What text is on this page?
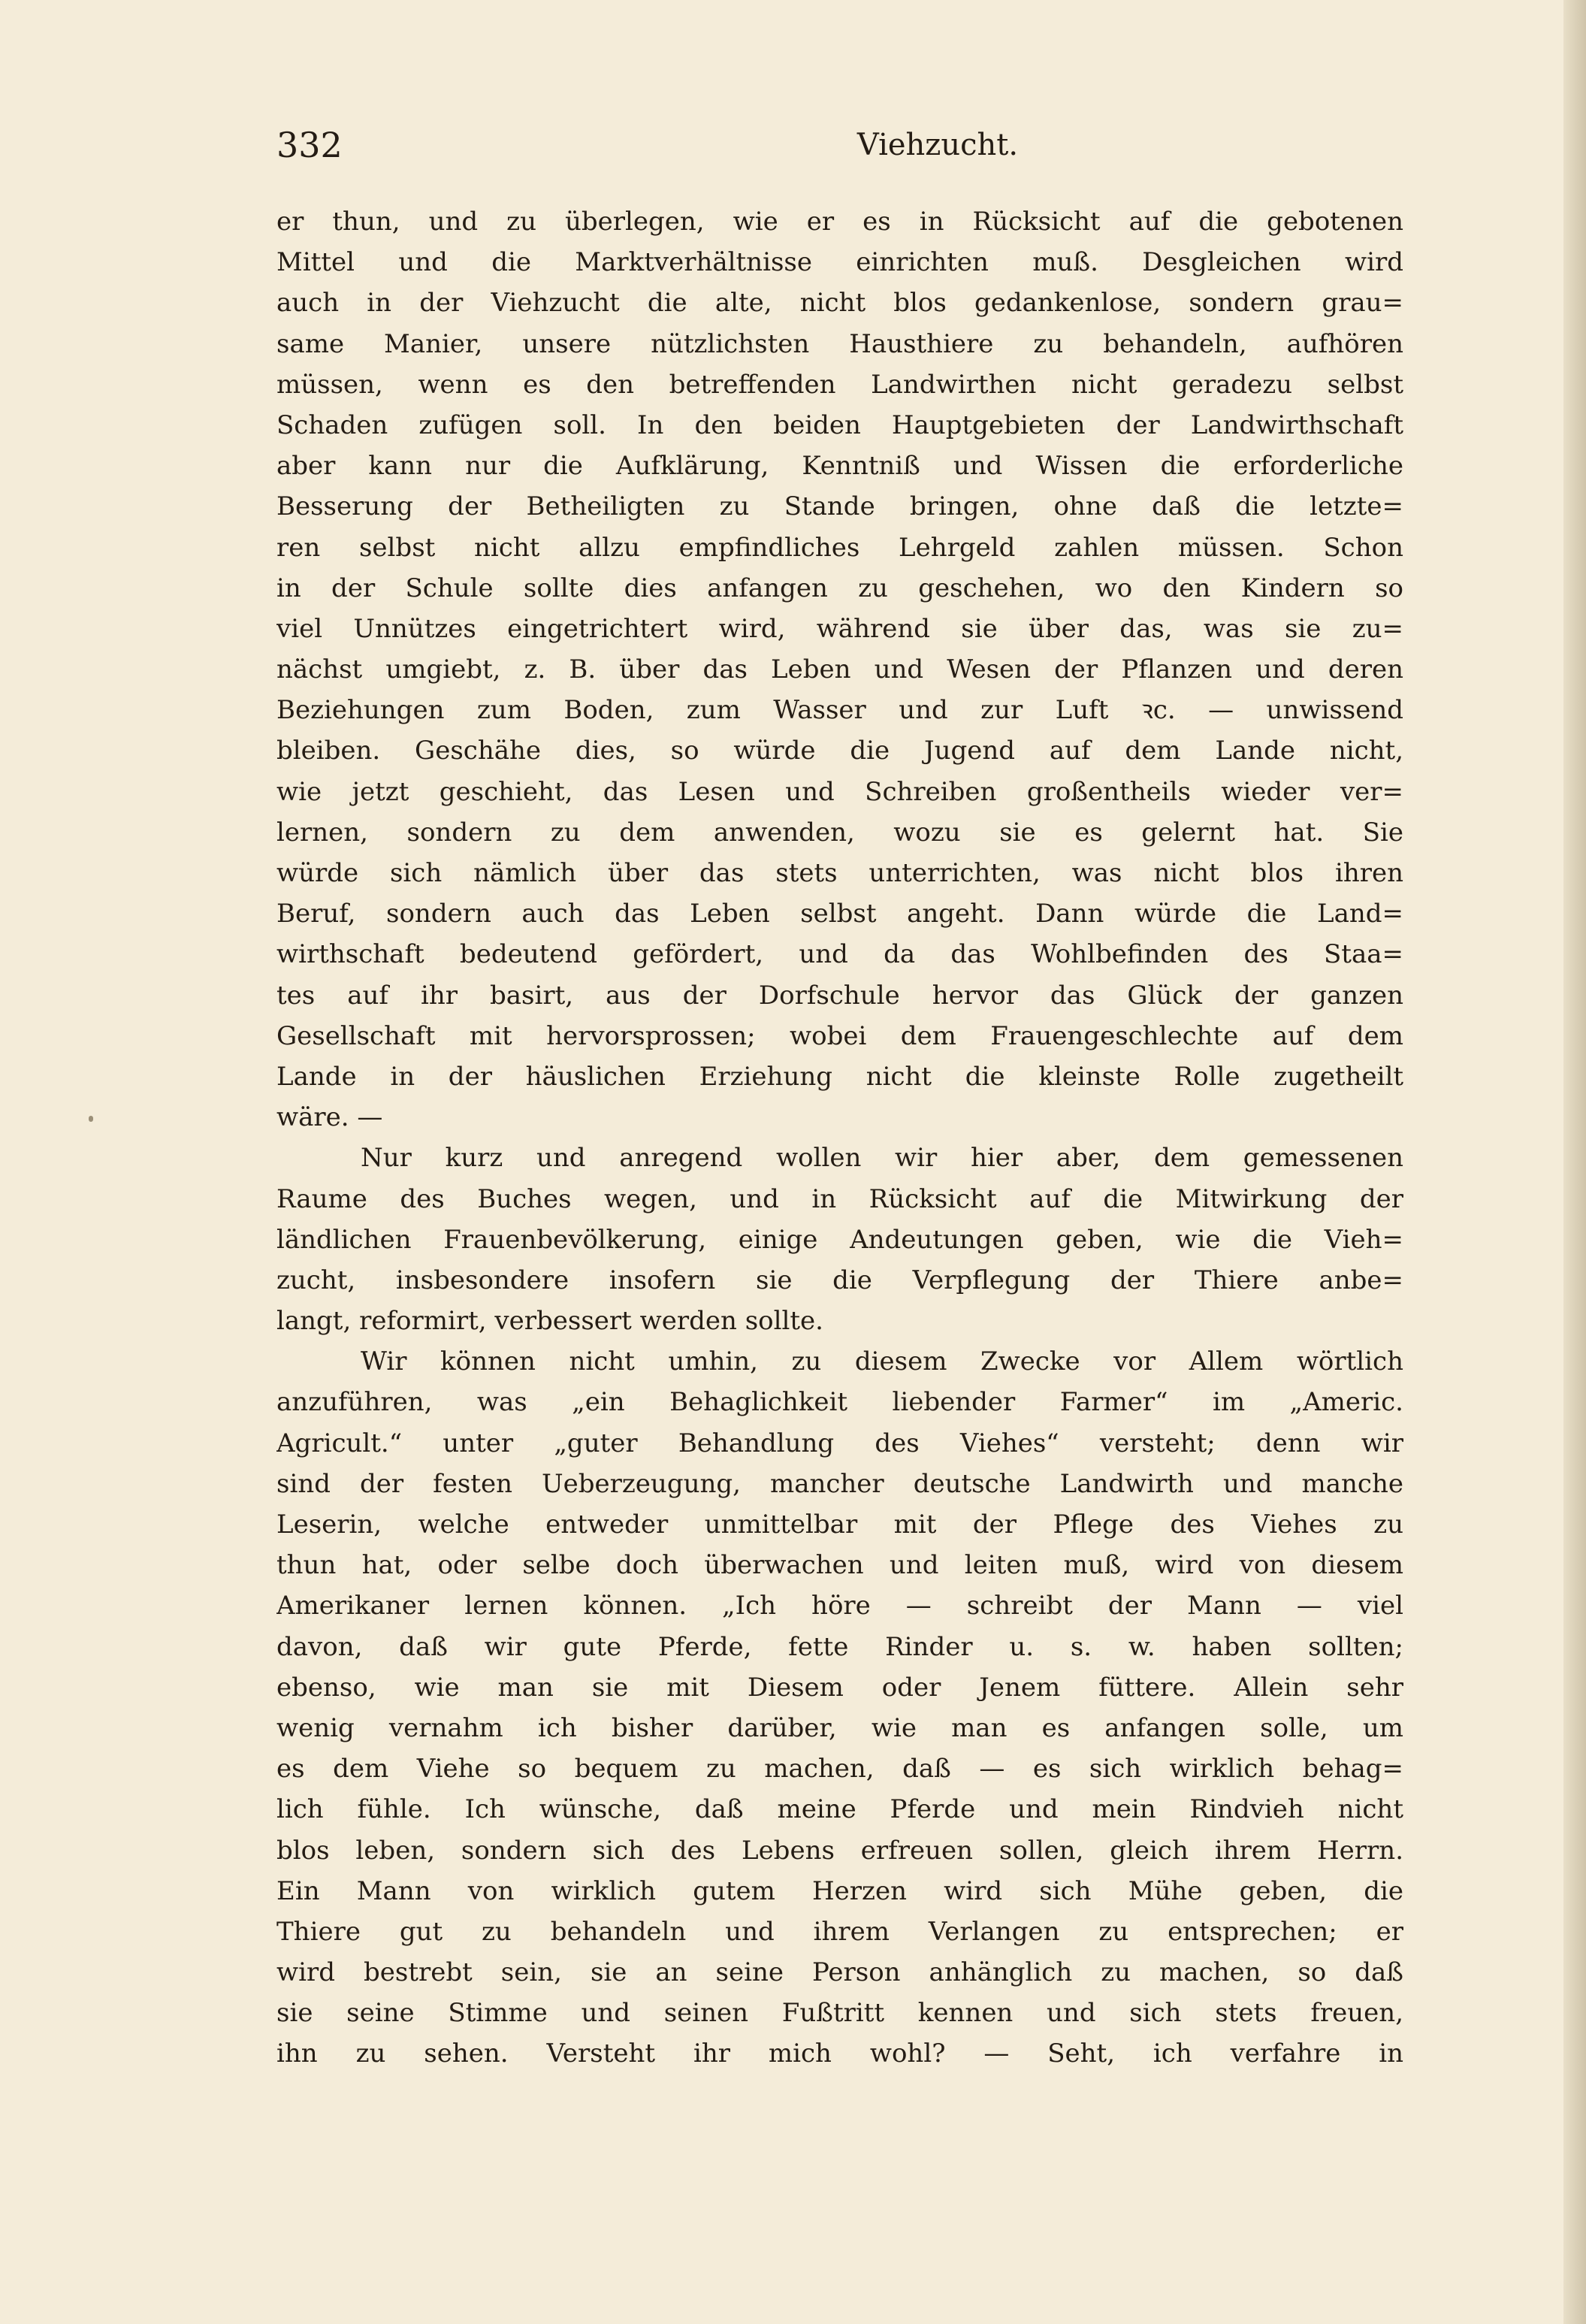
332	Viehzucht.
er thun, und zu überlegen, wie er es in Rücksicht auf die gebotenen
Mittel und die Marktverhältnisse einrichten muß. Desgleichen wird
auch in der Viehzucht die alte, nicht blos gedankenlose, sondern grau=
same Manier, unsere nützlichsten Hausthiere zu behandeln, aufhören
müssen, wenn es den betreffenden Landwirthen nicht geradezu selbst
Schaden zufügen soll. In den beiden Hauptgebieten der Landwirthschaft
aber kann nur die Aufklärung, Kenntniß und Wissen die erforderliche
Besserung der Betheiligten zu Stande bringen, ohne daß die letzte=
ren selbst nicht allzu empfindliches Lehrgeld zahlen müssen. Schon
in der Schule sollte dies anfangen zu geschehen, wo den Kindern so
viel Unnützes eingetrichtert wird, während sie über das, was sie zu=
nächst umgiebt, z. B. über das Leben und Wesen der Pflanzen und deren
Beziehungen zum Boden, zum Wasser und zur Luft ꝛc. — unwissend
bleiben. Geschähe dies, so würde die Jugend auf dem Lande nicht,
wie jetzt geschieht, das Lesen und Schreiben großentheils wieder ver=
lernen, sondern zu dem anwenden, wozu sie es gelernt hat. Sie
würde sich nämlich über das stets unterrichten, was nicht blos ihren
Beruf, sondern auch das Leben selbst angeht. Dann würde die Land=
wirthschaft bedeutend gefördert, und da das Wohlbefinden des Staa=
tes auf ihr basirt, aus der Dorfschule hervor das Glück der ganzen
Gesellschaft mit hervorsprossen; wobei dem Frauengeschlechte auf dem
Lande in der häuslichen Erziehung nicht die kleinste Rolle zugetheilt
wäre. —
Nur kurz und anregend wollen wir hier aber, dem gemessenen
Raume des Buches wegen, und in Rücksicht auf die Mitwirkung der
ländlichen Frauenbevölkerung, einige Andeutungen geben, wie die Vieh=
zucht, insbesondere insofern sie die Verpflegung der Thiere anbe=
langt, reformirt, verbessert werden sollte.
Wir können nicht umhin, zu diesem Zwecke vor Allem wörtlich
anzuführen, was „ein Behaglichkeit liebender Farmer“ im „Americ.
Agricult.“ unter „guter Behandlung des Viehes“ versteht; denn wir
sind der festen Ueberzeugung, mancher deutsche Landwirth und manche
Leserin, welche entweder unmittelbar mit der Pflege des Viehes zu
thun hat, oder selbe doch überwachen und leiten muß, wird von diesem
Amerikaner lernen können. „Ich höre — schreibt der Mann — viel
davon, daß wir gute Pferde, fette Rinder u. s. w. haben sollten;
ebenso, wie man sie mit Diesem oder Jenem füttere. Allein sehr
wenig vernahm ich bisher darüber, wie man es anfangen solle, um
es dem Viehe so bequem zu machen, daß — es sich wirklich behag=
lich fühle. Ich wünsche, daß meine Pferde und mein Rindvieh nicht
blos leben, sondern sich des Lebens erfreuen sollen, gleich ihrem Herrn.
Ein Mann von wirklich gutem Herzen wird sich Mühe geben, die
Thiere gut zu behandeln und ihrem Verlangen zu entsprechen; er
wird bestrebt sein, sie an seine Person anhänglich zu machen, so daß
sie seine Stimme und seinen Fußtritt kennen und sich stets freuen,
ihn zu sehen. Versteht ihr mich wohl? — Seht, ich verfahre in
